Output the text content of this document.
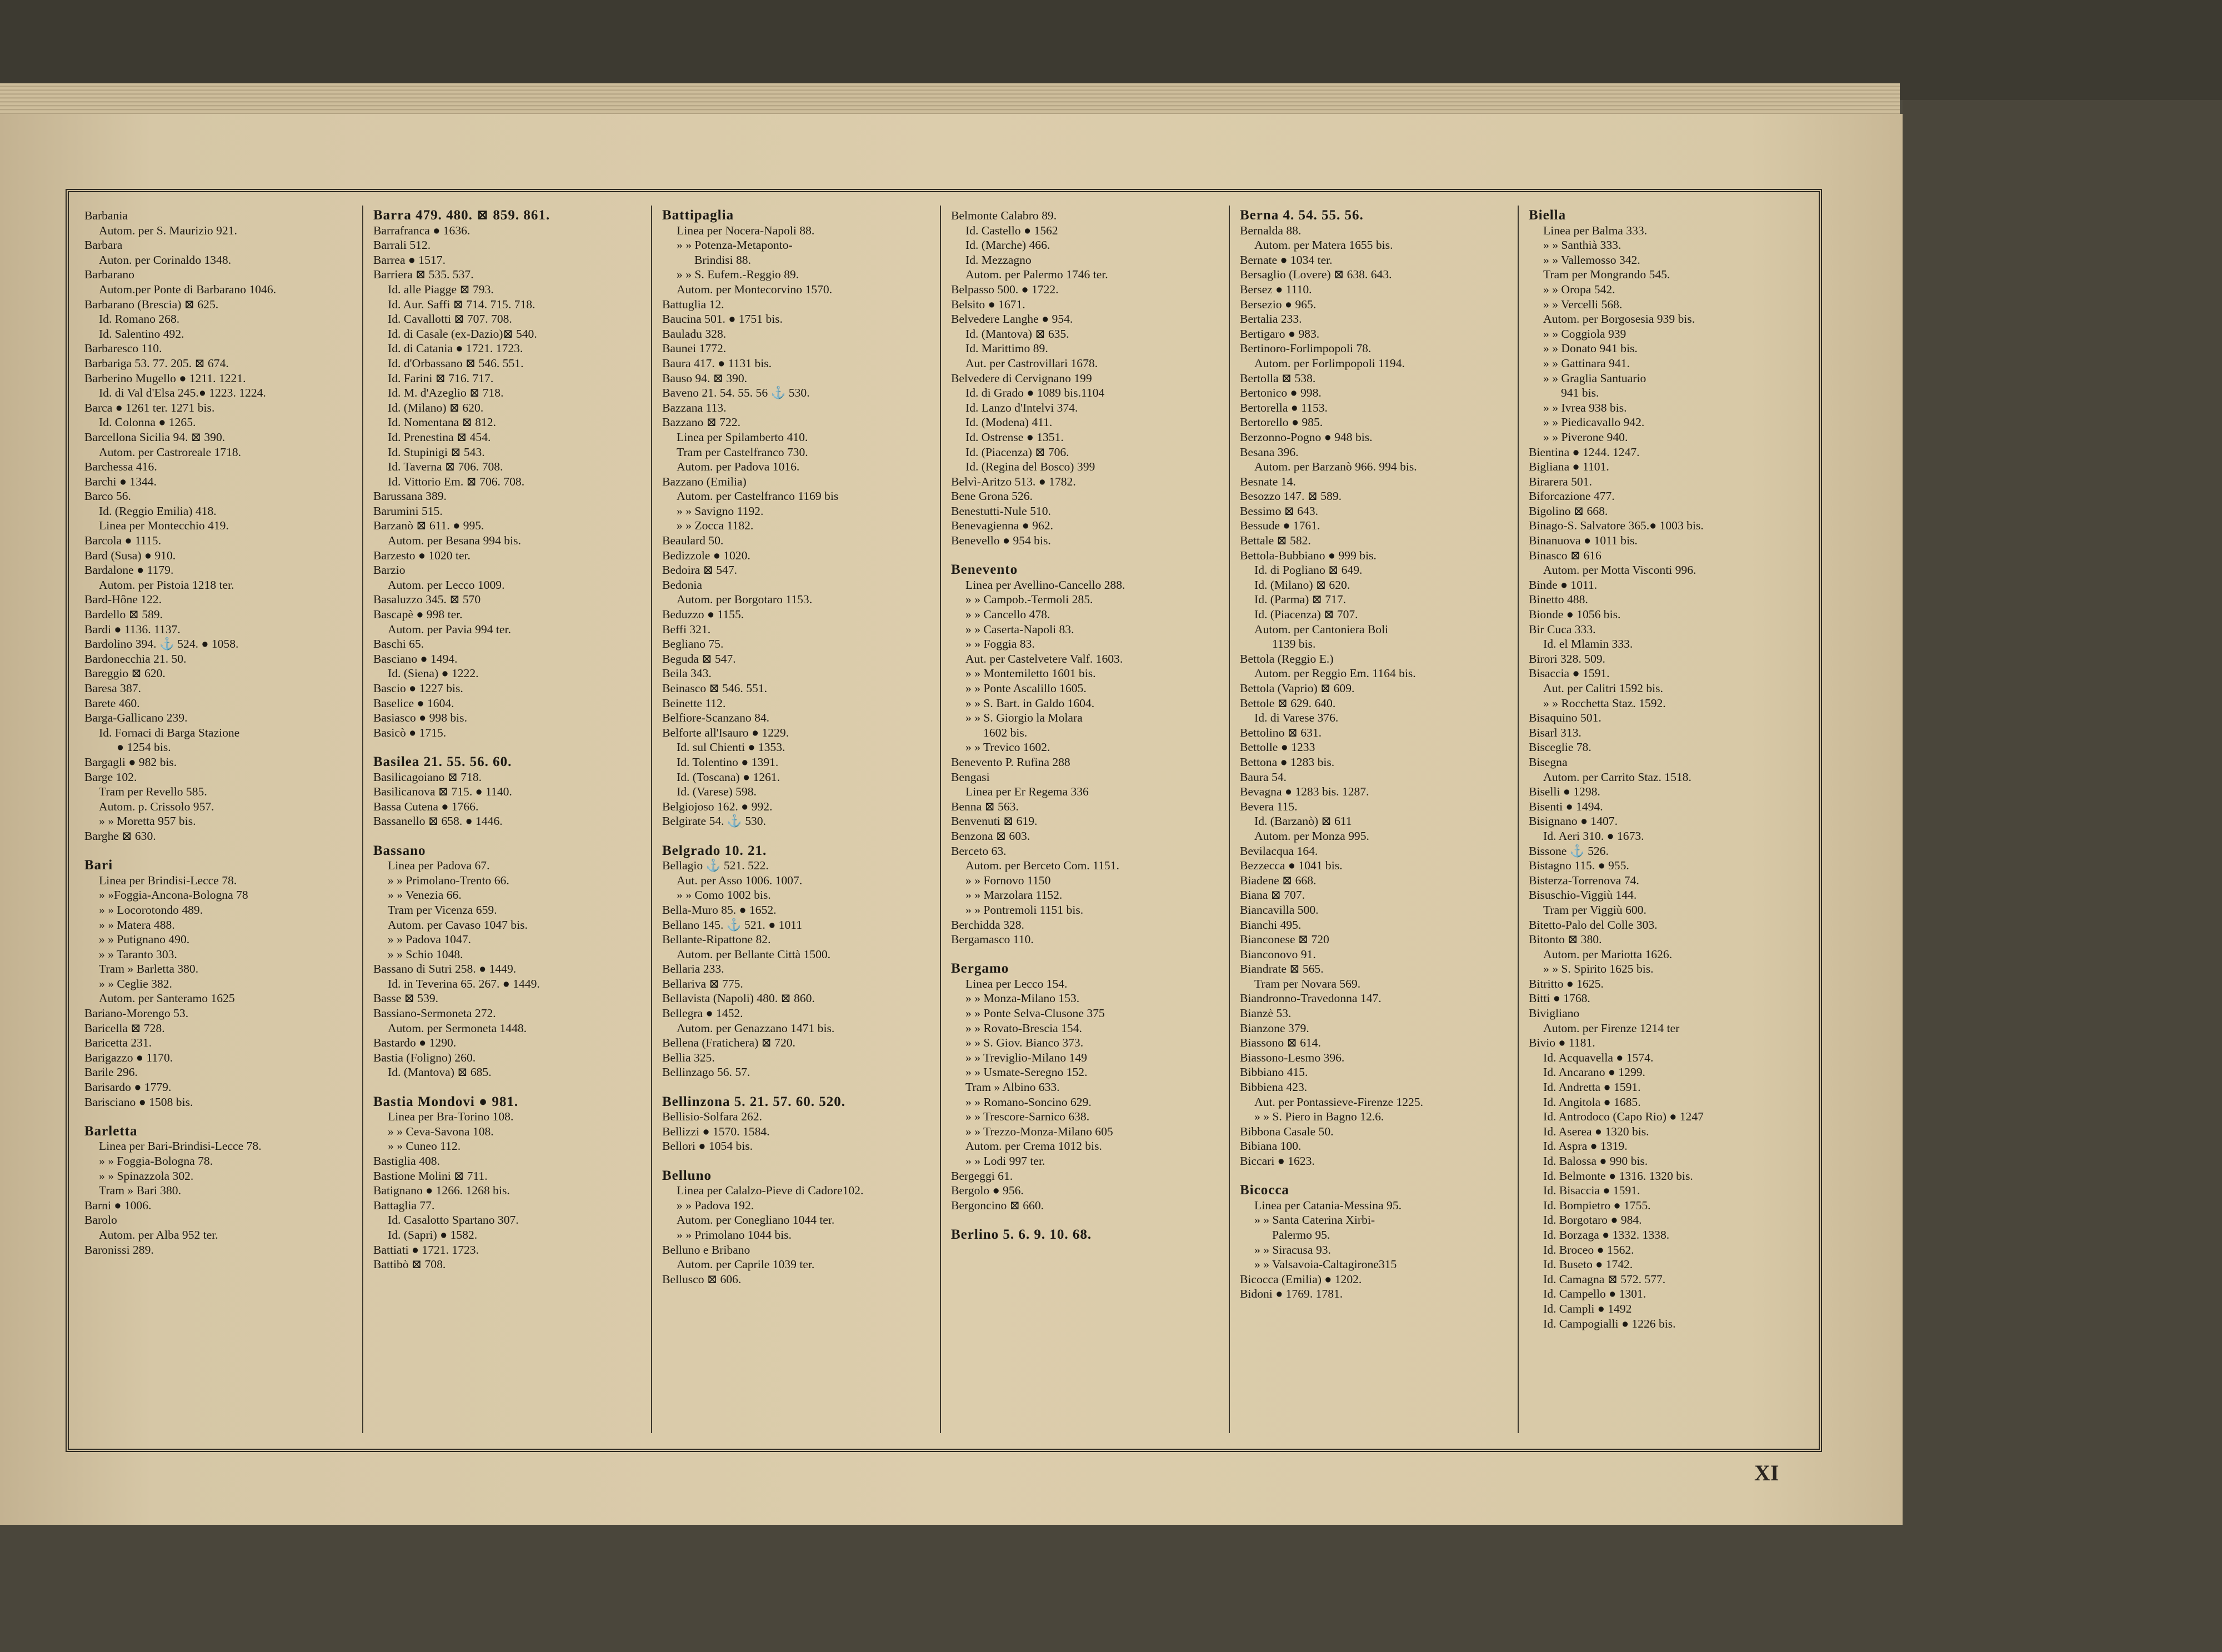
Barbania
Autom. per S. Maurizio 921.
Barbara
Auton. per Corinaldo 1348.
Barbarano
Autom.per Ponte di Barbarano 1046.
Barbarano (Brescia) ⊠ 625.
Id. Romano 268.
Id. Salentino 492.
Barbaresco 110.
Barbariga 53. 77. 205. ⊠ 674.
Barberino Mugello ● 1211. 1221.
Id. di Val d'Elsa 245.● 1223. 1224.
Barca ● 1261 ter. 1271 bis.
Id. Colonna ● 1265.
Barcellona Sicilia 94. ⊠ 390.
Autom. per Castroreale 1718.
Barchessa 416.
Barchi ● 1344.
Barco 56.
Id. (Reggio Emilia) 418.
Linea per Montecchio 419.
Barcola ● 1115.
Bard (Susa) ● 910.
Bardalone ● 1179.
Autom. per Pistoia 1218 ter.
Bard-Hône 122.
Bardello ⊠ 589.
Bardi ● 1136. 1137.
Bardolino 394. ⚓ 524. ● 1058.
Bardonecchia 21. 50.
Bareggio ⊠ 620.
Baresa 387.
Barete 460.
Barga-Gallicano 239.
Id. Fornaci di Barga Stazione
● 1254 bis.
Bargagli ● 982 bis.
Barge 102.
Tram per Revello 585.
Autom. p. Crissolo 957.
» » Moretta 957 bis.
Barghe ⊠ 630.
Bari
Linea per Brindisi-Lecce 78.
» »Foggia-Ancona-Bologna 78
» » Locorotondo 489.
» » Matera 488.
» » Putignano 490.
» » Taranto 303.
Tram » Barletta 380.
» » Ceglie 382.
Autom. per Santeramo 1625
Bariano-Morengo 53.
Baricella ⊠ 728.
Baricetta 231.
Barigazzo ● 1170.
Barile 296.
Barisardo ● 1779.
Barisciano ● 1508 bis.
Barletta
Linea per Bari-Brindisi-Lecce 78.
» » Foggia-Bologna 78.
» » Spinazzola 302.
Tram » Bari 380.
Barni ● 1006.
Barolo
Autom. per Alba 952 ter.
Baronissi 289.
Barra 479. 480. ⊠ 859. 861.
Barrafranca ● 1636.
Barrali 512.
Barrea ● 1517.
Barriera ⊠ 535. 537.
Id. alle Piagge ⊠ 793.
Id. Aur. Saffi ⊠ 714. 715. 718.
Id. Cavallotti ⊠ 707. 708.
Id. di Casale (ex-Dazio)⊠ 540.
Id. di Catania ● 1721. 1723.
Id. d'Orbassano ⊠ 546. 551.
Id. Farini ⊠ 716. 717.
Id. M. d'Azeglio ⊠ 718.
Id. (Milano) ⊠ 620.
Id. Nomentana ⊠ 812.
Id. Prenestina ⊠ 454.
Id. Stupinigi ⊠ 543.
Id. Taverna ⊠ 706. 708.
Id. Vittorio Em. ⊠ 706. 708.
Barussana 389.
Barumini 515.
Barzanò ⊠ 611. ● 995.
Autom. per Besana 994 bis.
Barzesto ● 1020 ter.
Barzio
Autom. per Lecco 1009.
Basaluzzo 345. ⊠ 570
Bascapè ● 998 ter.
Autom. per Pavia 994 ter.
Baschi 65.
Basciano ● 1494.
Id. (Siena) ● 1222.
Bascio ● 1227 bis.
Baselice ● 1604.
Basiasco ● 998 bis.
Basicò ● 1715.
Basilea 21. 55. 56. 60.
Basilicagoiano ⊠ 718.
Basilicanova ⊠ 715. ● 1140.
Bassa Cutena ● 1766.
Bassanello ⊠ 658. ● 1446.
Bassano
Linea per Padova 67.
» » Primolano-Trento 66.
» » Venezia 66.
Tram per Vicenza 659.
Autom. per Cavaso 1047 bis.
» » Padova 1047.
» » Schio 1048.
Bassano di Sutri 258. ● 1449.
Id. in Teverina 65. 267. ● 1449.
Basse ⊠ 539.
Bassiano-Sermoneta 272.
Autom. per Sermoneta 1448.
Bastardo ● 1290.
Bastia (Foligno) 260.
Id. (Mantova) ⊠ 685.
Bastia Mondovi ● 981.
Linea per Bra-Torino 108.
» » Ceva-Savona 108.
» » Cuneo 112.
Bastiglia 408.
Bastione Molini ⊠ 711.
Batignano ● 1266. 1268 bis.
Battaglia 77.
Id. Casalotto Spartano 307.
Id. (Sapri) ● 1582.
Battiati ● 1721. 1723.
Battibò ⊠ 708.
Battipaglia
Linea per Nocera-Napoli 88.
» » Potenza-Metaponto-
Brindisi 88.
» » S. Eufem.-Reggio 89.
Autom. per Montecorvino 1570.
Battuglia 12.
Baucina 501. ● 1751 bis.
Bauladu 328.
Baunei 1772.
Baura 417. ● 1131 bis.
Bauso 94. ⊠ 390.
Baveno 21. 54. 55. 56 ⚓ 530.
Bazzana 113.
Bazzano ⊠ 722.
Linea per Spilamberto 410.
Tram per Castelfranco 730.
Autom. per Padova 1016.
Bazzano (Emilia)
Autom. per Castelfranco 1169 bis
» » Savigno 1192.
» » Zocca 1182.
Beaulard 50.
Bedizzole ● 1020.
Bedoira ⊠ 547.
Bedonia
Autom. per Borgotaro 1153.
Beduzzo ● 1155.
Beffi 321.
Begliano 75.
Beguda ⊠ 547.
Beila 343.
Beinasco ⊠ 546. 551.
Beinette 112.
Belfiore-Scanzano 84.
Belforte all'Isauro ● 1229.
Id. sul Chienti ● 1353.
Id. Tolentino ● 1391.
Id. (Toscana) ● 1261.
Id. (Varese) 598.
Belgiojoso 162. ● 992.
Belgirate 54. ⚓ 530.
Belgrado 10. 21.
Bellagio ⚓ 521. 522.
Aut. per Asso 1006. 1007.
» » Como 1002 bis.
Bella-Muro 85. ● 1652.
Bellano 145. ⚓ 521. ● 1011
Bellante-Ripattone 82.
Autom. per Bellante Città 1500.
Bellaria 233.
Bellariva ⊠ 775.
Bellavista (Napoli) 480. ⊠ 860.
Bellegra ● 1452.
Autom. per Genazzano 1471 bis.
Bellena (Fratichera) ⊠ 720.
Bellia 325.
Bellinzago 56. 57.
Bellinzona 5. 21. 57. 60. 520.
Bellisio-Solfara 262.
Bellizzi ● 1570. 1584.
Bellori ● 1054 bis.
Belluno
Linea per Calalzo-Pieve di Cadore102.
» » Padova 192.
Autom. per Conegliano 1044 ter.
» » Primolano 1044 bis.
Belluno e Bribano
Autom. per Caprile 1039 ter.
Bellusco ⊠ 606.
Belmonte Calabro 89.
Id. Castello ● 1562
Id. (Marche) 466.
Id. Mezzagno
Autom. per Palermo 1746 ter.
Belpasso 500. ● 1722.
Belsito ● 1671.
Belvedere Langhe ● 954.
Id. (Mantova) ⊠ 635.
Id. Marittimo 89.
Aut. per Castrovillari 1678.
Belvedere di Cervignano 199
Id. di Grado ● 1089 bis.1104
Id. Lanzo d'Intelvi 374.
Id. (Modena) 411.
Id. Ostrense ● 1351.
Id. (Piacenza) ⊠ 706.
Id. (Regina del Bosco) 399
Belvì-Aritzo 513. ● 1782.
Bene Grona 526.
Benestutti-Nule 510.
Benevagienna ● 962.
Benevello ● 954 bis.
Benevento
Linea per Avellino-Cancello 288.
» » Campob.-Termoli 285.
» » Cancello 478.
» » Caserta-Napoli 83.
» » Foggia 83.
Aut. per Castelvetere Valf. 1603.
» » Montemiletto 1601 bis.
» » Ponte Ascalillo 1605.
» » S. Bart. in Galdo 1604.
» » S. Giorgio la Molara
1602 bis.
» » Trevico 1602.
Benevento P. Rufina 288
Bengasi
Linea per Er Regema 336
Benna ⊠ 563.
Benvenuti ⊠ 619.
Benzona ⊠ 603.
Berceto 63.
Autom. per Berceto Com. 1151.
» » Fornovo 1150
» » Marzolara 1152.
» » Pontremoli 1151 bis.
Berchidda 328.
Bergamasco 110.
Bergamo
Linea per Lecco 154.
» » Monza-Milano 153.
» » Ponte Selva-Clusone 375
» » Rovato-Brescia 154.
» » S. Giov. Bianco 373.
» » Treviglio-Milano 149
» » Usmate-Seregno 152.
Tram » Albino 633.
» » Romano-Soncino 629.
» » Trescore-Sarnico 638.
» » Trezzo-Monza-Milano 605
Autom. per Crema 1012 bis.
» » Lodi 997 ter.
Bergeggi 61.
Bergolo ● 956.
Bergoncino ⊠ 660.
Berlino 5. 6. 9. 10. 68.
Berna 4. 54. 55. 56.
Bernalda 88.
Autom. per Matera 1655 bis.
Bernate ● 1034 ter.
Bersaglio (Lovere) ⊠ 638. 643.
Bersez ● 1110.
Bersezio ● 965.
Bertalia 233.
Bertigaro ● 983.
Bertinoro-Forlimpopoli 78.
Autom. per Forlimpopoli 1194.
Bertolla ⊠ 538.
Bertonico ● 998.
Bertorella ● 1153.
Bertorello ● 985.
Berzonno-Pogno ● 948 bis.
Besana 396.
Autom. per Barzanò 966. 994 bis.
Besnate 14.
Besozzo 147. ⊠ 589.
Bessimo ⊠ 643.
Bessude ● 1761.
Bettale ⊠ 582.
Bettola-Bubbiano ● 999 bis.
Id. di Pogliano ⊠ 649.
Id. (Milano) ⊠ 620.
Id. (Parma) ⊠ 717.
Id. (Piacenza) ⊠ 707.
Autom. per Cantoniera Boli
1139 bis.
Bettola (Reggio E.)
Autom. per Reggio Em. 1164 bis.
Bettola (Vaprio) ⊠ 609.
Bettole ⊠ 629. 640.
Id. di Varese 376.
Bettolino ⊠ 631.
Bettolle ● 1233
Bettona ● 1283 bis.
Baura 54.
Bevagna ● 1283 bis. 1287.
Bevera 115.
Id. (Barzanò) ⊠ 611
Autom. per Monza 995.
Bevilacqua 164.
Bezzecca ● 1041 bis.
Biadene ⊠ 668.
Biana ⊠ 707.
Biancavilla 500.
Bianchi 495.
Bianconese ⊠ 720
Bianconovo 91.
Biandrate ⊠ 565.
Tram per Novara 569.
Biandronno-Travedonna 147.
Bianzè 53.
Bianzone 379.
Biassono ⊠ 614.
Biassono-Lesmo 396.
Bibbiano 415.
Bibbiena 423.
Aut. per Pontassieve-Firenze 1225.
» » S. Piero in Bagno 12.6.
Bibbona Casale 50.
Bibiana 100.
Biccari ● 1623.
Bicocca
Linea per Catania-Messina 95.
» » Santa Caterina Xirbi-
Palermo 95.
» » Siracusa 93.
» » Valsavoia-Caltagirone315
Bicocca (Emilia) ● 1202.
Bidoni ● 1769. 1781.
Biella
Linea per Balma 333.
» » Santhià 333.
» » Vallemosso 342.
Tram per Mongrando 545.
» » Oropa 542.
» » Vercelli 568.
Autom. per Borgosesia 939 bis.
» » Coggiola 939
» » Donato 941 bis.
» » Gattinara 941.
» » Graglia Santuario
941 bis.
» » Ivrea 938 bis.
» » Piedicavallo 942.
» » Piverone 940.
Bientina ● 1244. 1247.
Bigliana ● 1101.
Birarera 501.
Biforcazione 477.
Bigolino ⊠ 668.
Binago-S. Salvatore 365.● 1003 bis.
Binanuova ● 1011 bis.
Binasco ⊠ 616
Autom. per Motta Visconti 996.
Binde ● 1011.
Binetto 488.
Bionde ● 1056 bis.
Bir Cuca 333.
Id. el Mlamin 333.
Birori 328. 509.
Bisaccia ● 1591.
Aut. per Calitri 1592 bis.
» » Rocchetta Staz. 1592.
Bisaquino 501.
Bisarl 313.
Bisceglie 78.
Bisegna
Autom. per Carrito Staz. 1518.
Biselli ● 1298.
Bisenti ● 1494.
Bisignano ● 1407.
Id. Aeri 310. ● 1673.
Bissone ⚓ 526.
Bistagno 115. ● 955.
Bisterza-Torrenova 74.
Bisuschio-Viggiù 144.
Tram per Viggiù 600.
Bitetto-Palo del Colle 303.
Bitonto ⊠ 380.
Autom. per Mariotta 1626.
» » S. Spirito 1625 bis.
Bitritto ● 1625.
Bitti ● 1768.
Biviglianо
Autom. per Firenze 1214 ter
Bivio ● 1181.
Id. Acquavella ● 1574.
Id. Ancarano ● 1299.
Id. Andretta ● 1591.
Id. Angitola ● 1685.
Id. Antrodoco (Capo Rio) ● 1247
Id. Aserea ● 1320 bis.
Id. Aspra ● 1319.
Id. Balossa ● 990 bis.
Id. Belmonte ● 1316. 1320 bis.
Id. Bisaccia ● 1591.
Id. Bompietro ● 1755.
Id. Borgotaro ● 984.
Id. Borzaga ● 1332. 1338.
Id. Broceo ● 1562.
Id. Buseto ● 1742.
Id. Camagna ⊠ 572. 577.
Id. Campello ● 1301.
Id. Campli ● 1492
Id. Campogialli ● 1226 bis.
XI
